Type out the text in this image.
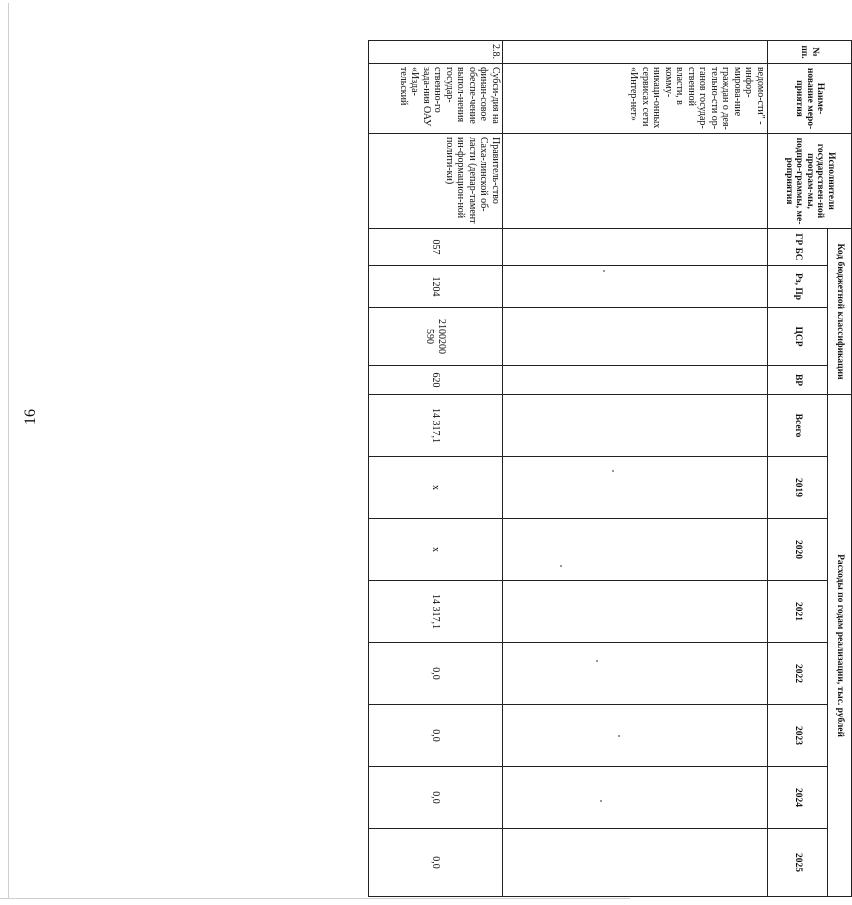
16
№ пп.	Наиме-нование меро-приятия	Исполнители государствен-ной програм-мы, подпро-граммы, ме-роприятия	Код бюджетной классификации				Расходы по годам реализации, тыс. рублей							
			ГР БС	Рз, Пр	ЦСР	ВР	Всего	2019	2020	2021	2022	2023	2024	2025
	ведомо-сти" - инфор-мирова-ние граждан о дея-тельно-сти ор-ганов государ-ственной власти, в комму-никаци-онных сервисах сети «Интер-нет»													
2.8.	Субси-дия на финан-совое обеспе-чение выпол-нения государ-ственно-го зада-ния ОАУ «Изда-тельский	Правитель-ство Саха-линской об-ласти (депар-тамент ин-формацион-ной полити-ки)	057	1204	2100200 590	620	14 317,1	x	x	14 317,1	0,0	0,0	0,0	0,0
